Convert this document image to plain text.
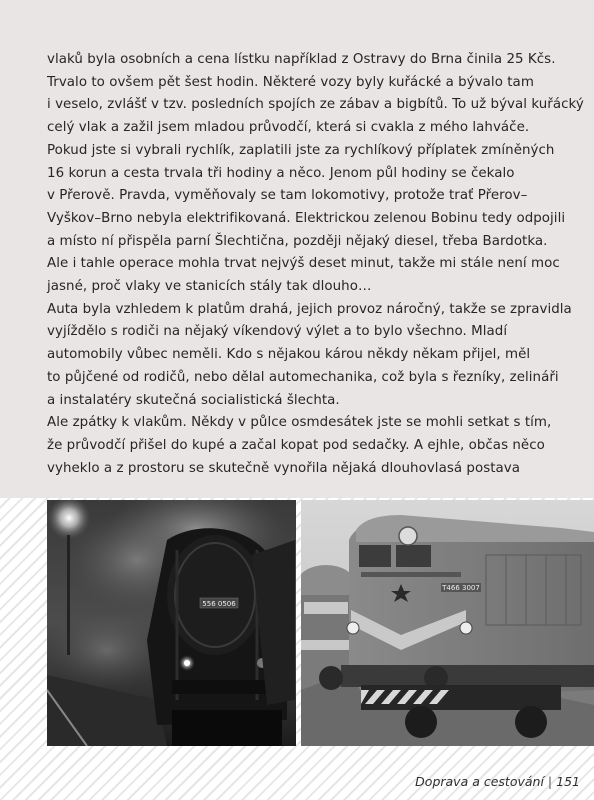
vlaků byla osobních a cena lístku například z Ostravy do Brna činila 25 Kčs.
Trvalo to ovšem pět šest hodin. Některé vozy byly kuřácké a bývalo tam
i veselo, zvlášť v tzv. posledních spojích ze zábav a bigbítů. To už býval kuřácký
celý vlak a zažil jsem mladou průvodčí, která si cvakla z mého lahváče.
Pokud jste si vybrali rychlík, zaplatili jste za rychlíkový příplatek zmíněných
16 korun a cesta trvala tři hodiny a něco. Jenom půl hodiny se čekalo
v Přerově. Pravda, vyměňovaly se tam lokomotivy, protože trať Přerov–
Vyškov–Brno nebyla elektrifikovaná. Elektrickou zelenou Bobinu tedy odpojili
a místo ní přispěla parní Šlechtična, později nějaký diesel, třeba Bardotka.
Ale i tahle operace mohla trvat nejvýš deset minut, takže mi stále není moc
jasné, proč vlaky ve stanicích stály tak dlouho…
Auta byla vzhledem k platům drahá, jejich provoz náročný, takže se zpravidla
vyjíždělo s rodiči na nějaký víkendový výlet a to bylo všechno. Mladí
automobily vůbec neměli. Kdo s nějakou károu někdy někam přijel, měl
to půjčené od rodičů, nebo dělal automechanika, což byla s řezníky, zelináři
a instalatéry skutečná socialistická šlechta.
Ale zpátky k vlakům. Někdy v půlce osmdesátek jste se mohli setkat s tím,
že průvodčí přišel do kupé a začal kopat pod sedačky. A ejhle, občas něco
vyheklo a z prostoru se skutečně vynořila nějaká dlouhovlasá postava
556 0506
T466 3007
Doprava a cestování | 151
